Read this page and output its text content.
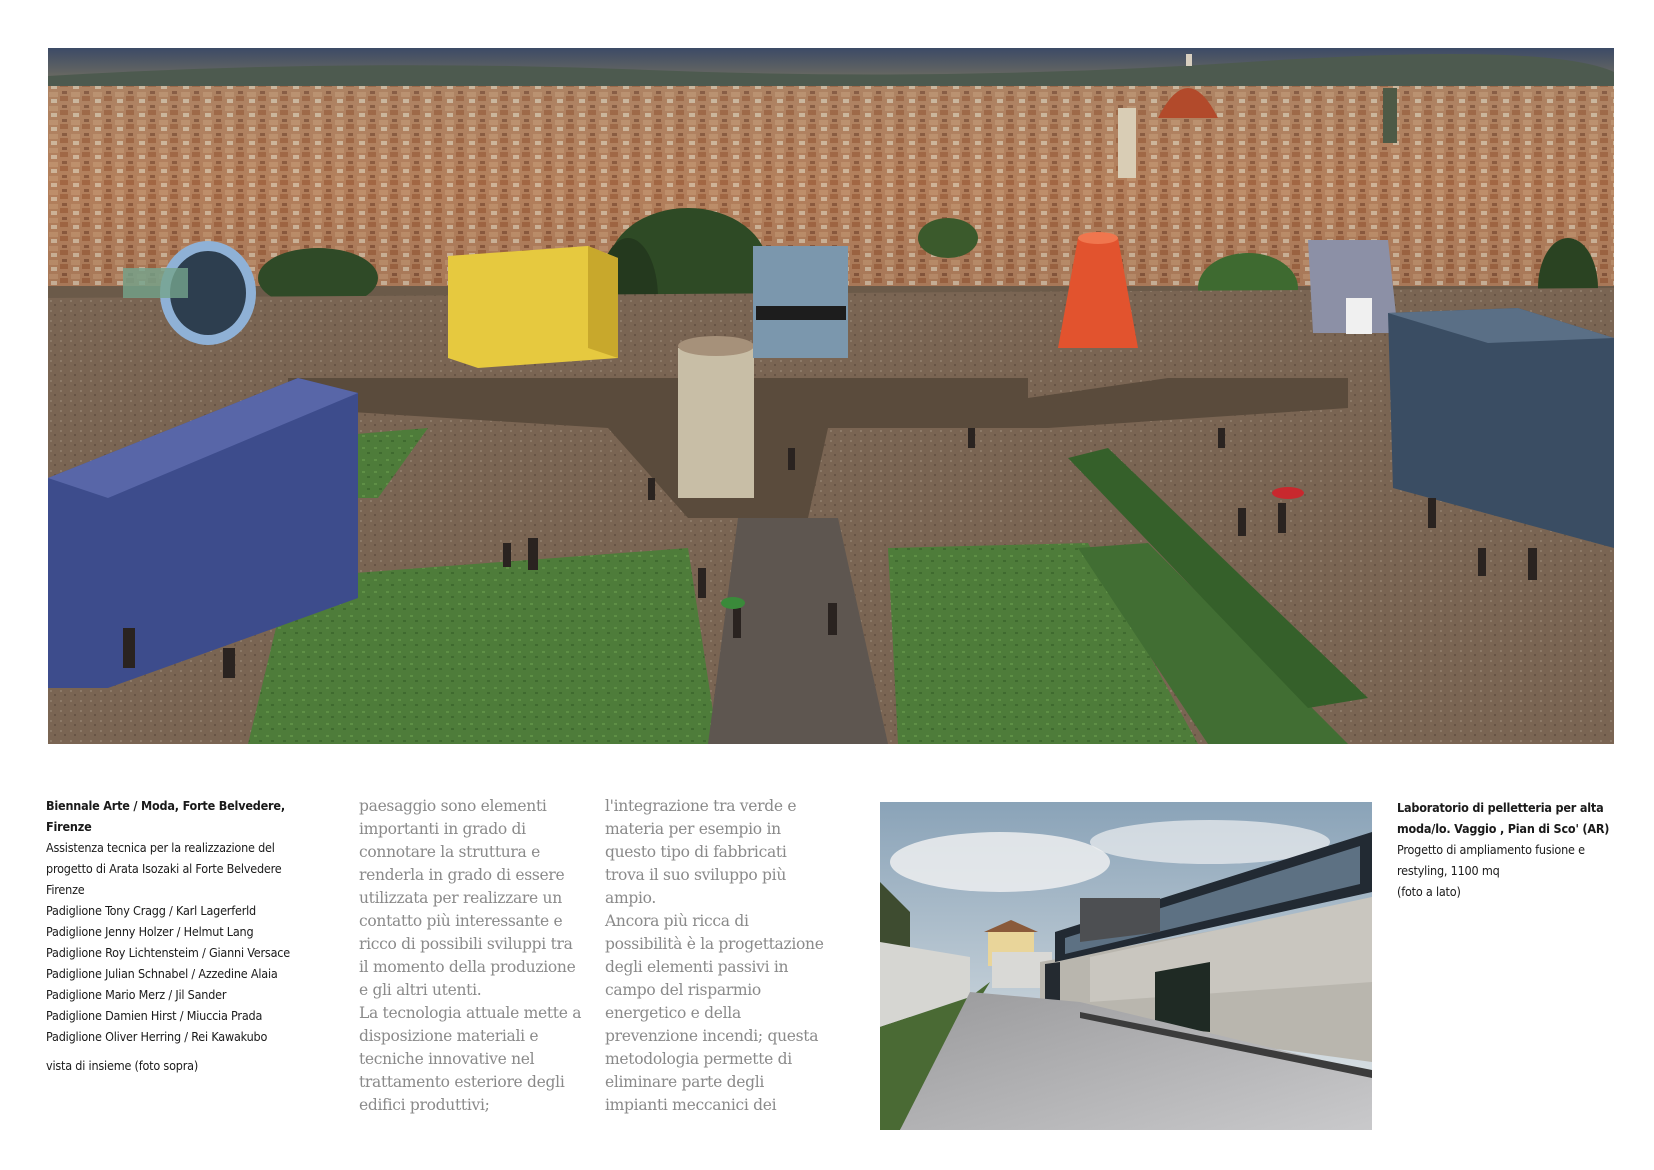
Biennale Arte / Moda, Forte Belvedere, Firenze
Assistenza tecnica per la realizzazione del progetto di Arata Isozaki al Forte Belvedere Firenze
Padiglione Tony Cragg / Karl Lagerferld
Padiglione Jenny Holzer / Helmut Lang
Padiglione Roy Lichtensteim / Gianni Versace
Padiglione Julian Schnabel / Azzedine Alaia
Padiglione Mario Merz / Jil Sander
Padiglione Damien Hirst / Miuccia Prada
Padiglione Oliver Herring / Rei Kawakubo
vista di insieme (foto sopra)

paesaggio sono elementi importanti in grado di connotare la struttura e renderla in grado di essere utilizzata per realizzare un contatto più interessante e ricco di possibili sviluppi tra il momento della produzione e gli altri utenti.

La tecnologia attuale mette a disposizione materiali e tecniche innovative nel trattamento esteriore degli edifici produttivi;

l'integrazione tra verde e materia per esempio in questo tipo di fabbricati trova il suo sviluppo più ampio.

Ancora più ricca di possibilità è la progettazione degli elementi passivi in campo del risparmio energetico e della prevenzione incendi; questa metodologia permette di eliminare parte degli impianti meccanici dei

Laboratorio di pelletteria per alta moda/lo. Vaggio , Pian di Sco' (AR)
Progetto di ampliamento fusione e restyling, 1100 mq
(foto a lato)
